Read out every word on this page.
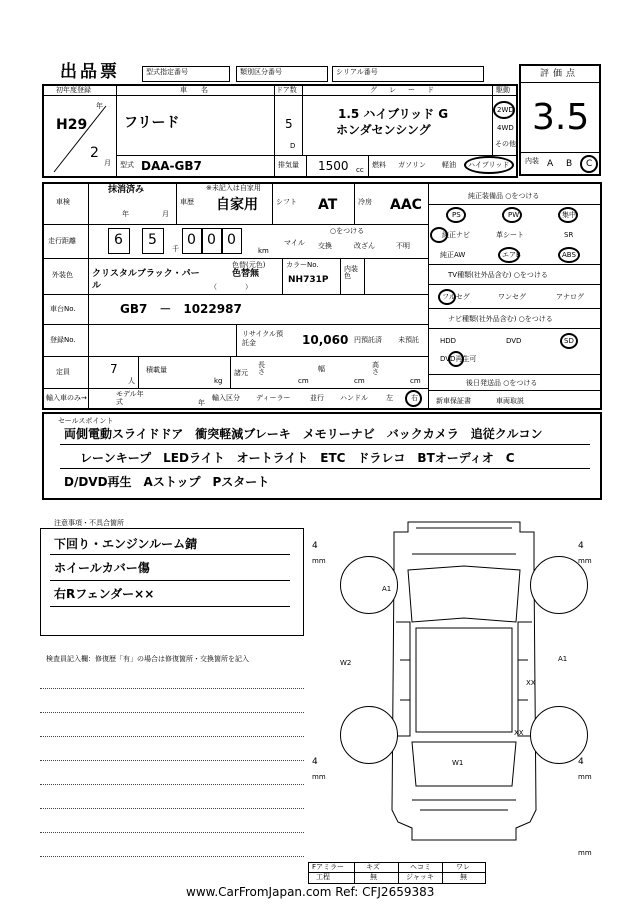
出品票	型式指定番号	類別区分番号	シリアル番号	評価点
3.5
内装 A B C
初年度登録
年
H29
2
月
車名
フリード
ドア数
5
D
グレード
1.5 ハイブリッド G
ホンダセンシング
駆動
2WD
4WD
その他
型式 DAA-GB7	排気量 1500 cc
燃料 ガソリン 軽油 ハイブリッド
車検
抹消済み
年	月
車歴
※未記入は自家用
自家用	シフト AT	冷房 AAC
走行距離	6 5
千
0 0 0
km
マイル
○をつける
交換	改ざん	不明
外装色 クリスタルブラック・パール
色替(元色)
色替無
（　　　　）
カラーNo.
NH731P
内装色
車台No.	GB7　－　1022987
登録No.
リサイクル預託金	10,060 円預託済 未預託
定員	7
人
積載量
kg
諸元
長さ
cm
幅
cm
高さ
cm
輸入車のみ→	モデル年式	年
輸入区分 ディーラー	並行 ハンドル	左	右
純正装備品 ○をつける
PS	PW	集中
純正ナビ	革シート	SR
純正AW	エアB	ABS
TV種類(社外品含む) ○をつける
フルセグ	ワンセグ	アナログ
ナビ種類(社外品含む) ○をつける
HDD	DVD	SD
DVD再生可
後日発送品 ○をつける
新車保証書	車両取説
セールスポイント
両側電動スライドドア　衝突軽減ブレーキ　メモリーナビ　バックカメラ　追従クルコン
レーンキープ　LEDライト　オートライト　ETC　ドラレコ　BTオーディオ　C
D/DVD再生　Aストップ　Pスタート
注意事項・不具合箇所
下回り・エンジンルーム錆
ホイールカバー傷
右Rフェンダー××
検査員記入欄：修復歴「有」の場合は修復箇所・交換箇所を記入
A1
A1
W2
XX
XX
W1
4
mm
4
mm
4
mm
4
mm
mm
Fアミラー	キズ	ヘコミ	ワレ
工程	無	ジャッキ	無
www.CarFromJapan.com Ref: CFJ2659383
